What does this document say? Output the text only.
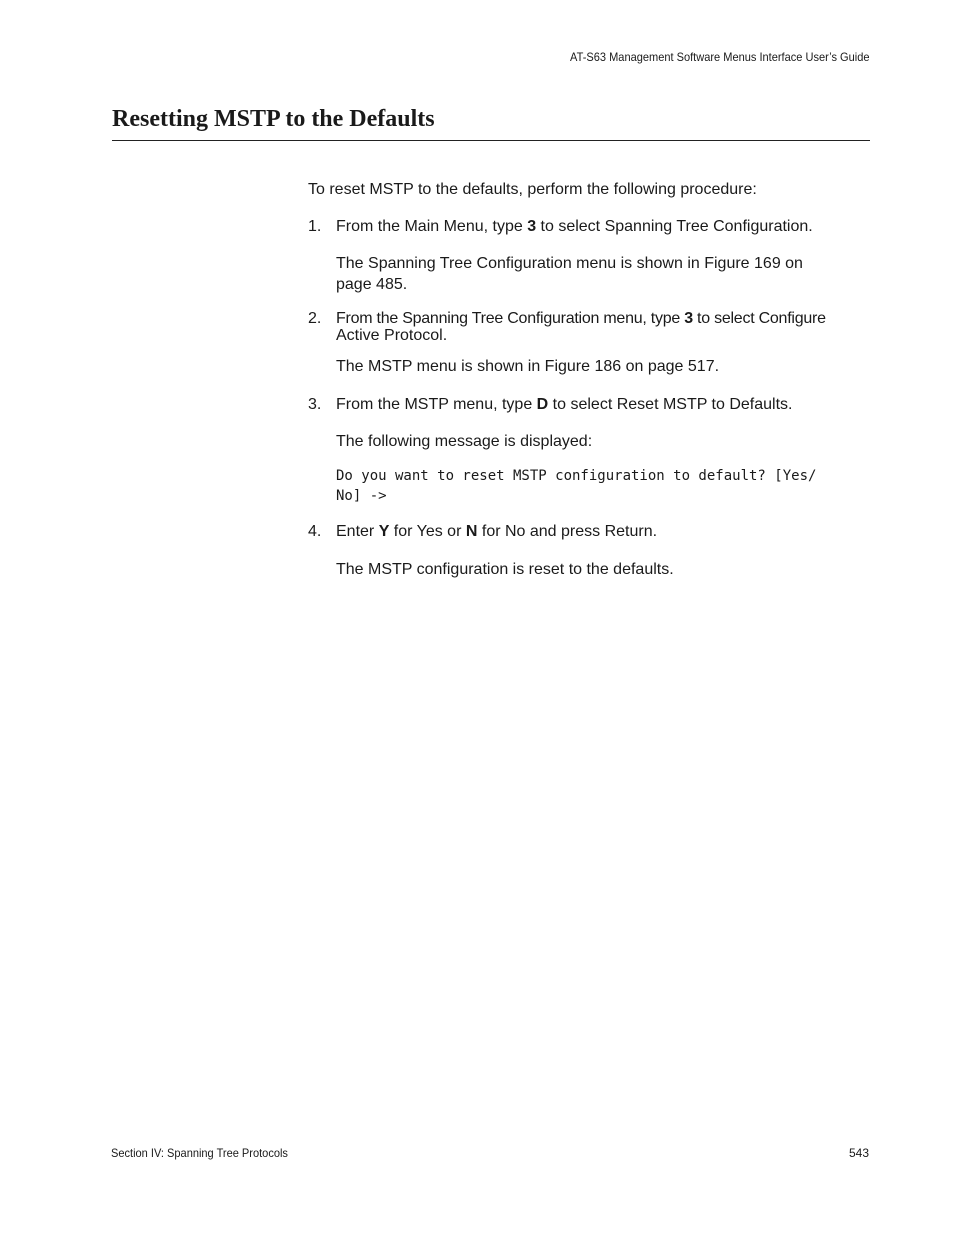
AT-S63 Management Software Menus Interface User’s Guide
Resetting MSTP to the Defaults
To reset MSTP to the defaults, perform the following procedure:
1. From the Main Menu, type 3 to select Spanning Tree Configuration.
The Spanning Tree Configuration menu is shown in Figure 169 on
page 485.
2. From the Spanning Tree Configuration menu, type 3 to select Configure
Active Protocol.
The MSTP menu is shown in Figure 186 on page 517.
3. From the MSTP menu, type D to select Reset MSTP to Defaults.
The following message is displayed:
Do you want to reset MSTP configuration to default? [Yes/
No] ->
4. Enter Y for Yes or N for No and press Return.
The MSTP configuration is reset to the defaults.
Section IV: Spanning Tree Protocols	543
